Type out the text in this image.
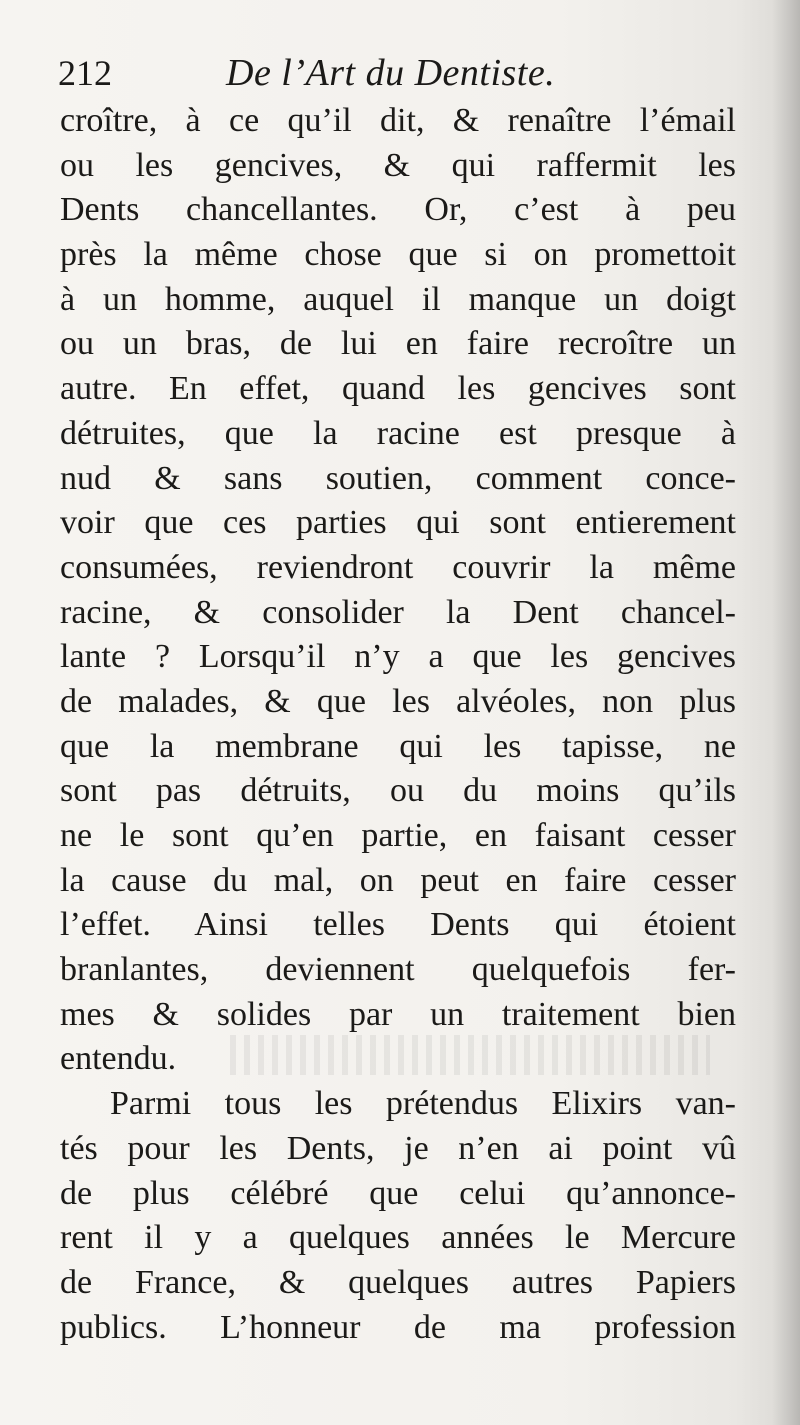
212	De l’Art du Dentiste.
croître, à ce qu’il dit, & renaître l’émail
ou les gencives, & qui raffermit les
Dents chancellantes. Or, c’est à peu
près la même chose que si on promettoit
à un homme, auquel il manque un doigt
ou un bras, de lui en faire recroître un
autre. En effet, quand les gencives sont
détruites, que la racine est presque à
nud & sans soutien, comment conce-
voir que ces parties qui sont entierement
consumées, reviendront couvrir la même
racine, & consolider la Dent chancel-
lante ? Lorsqu’il n’y a que les gencives
de malades, & que les alvéoles, non plus
que la membrane qui les tapisse, ne
sont pas détruits, ou du moins qu’ils
ne le sont qu’en partie, en faisant cesser
la cause du mal, on peut en faire cesser
l’effet. Ainsi telles Dents qui étoient
branlantes, deviennent quelquefois fer-
mes & solides par un traitement bien
entendu.
Parmi tous les prétendus Elixirs van-
tés pour les Dents, je n’en ai point vû
de plus célébré que celui qu’annonce-
rent il y a quelques années le Mercure
de France, & quelques autres Papiers
publics. L’honneur de ma profession
